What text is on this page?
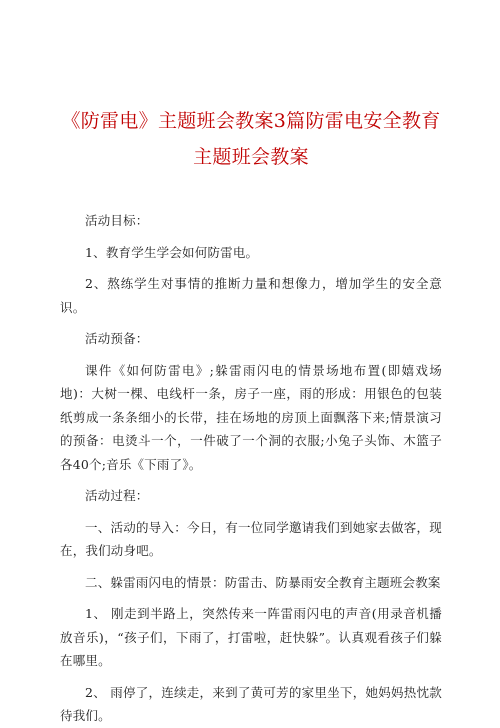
《防雷电》主题班会教案3篇防雷电安全教育
主题班会教案

活动目标：

1、教育学生学会如何防雷电。

2、熬练学生对事情的推断力量和想像力，增加学生的安全意识。

活动预备：

课件《如何防雷电》;躲雷雨闪电的情景场地布置(即嬉戏场地)：大树一棵、电线杆一条，房子一座，雨的形成：用银色的包装纸剪成一条条细小的长带，挂在场地的房顶上面飘落下来;情景演习的预备：电烫斗一个，一件破了一个洞的衣服;小兔子头饰、木篮子各40个;音乐《下雨了》。

活动过程：

一、活动的导入：今日，有一位同学邀请我们到她家去做客，现在，我们动身吧。

二、躲雷雨闪电的情景：防雷击、防暴雨安全教育主题班会教案

1、 刚走到半路上，突然传来一阵雷雨闪电的声音(用录音机播放音乐)，“孩子们，下雨了，打雷啦，赶快躲”。认真观看孩子们躲在哪里。

2、 雨停了，连续走，来到了黄可芳的家里坐下，她妈妈热忱款待我们。
